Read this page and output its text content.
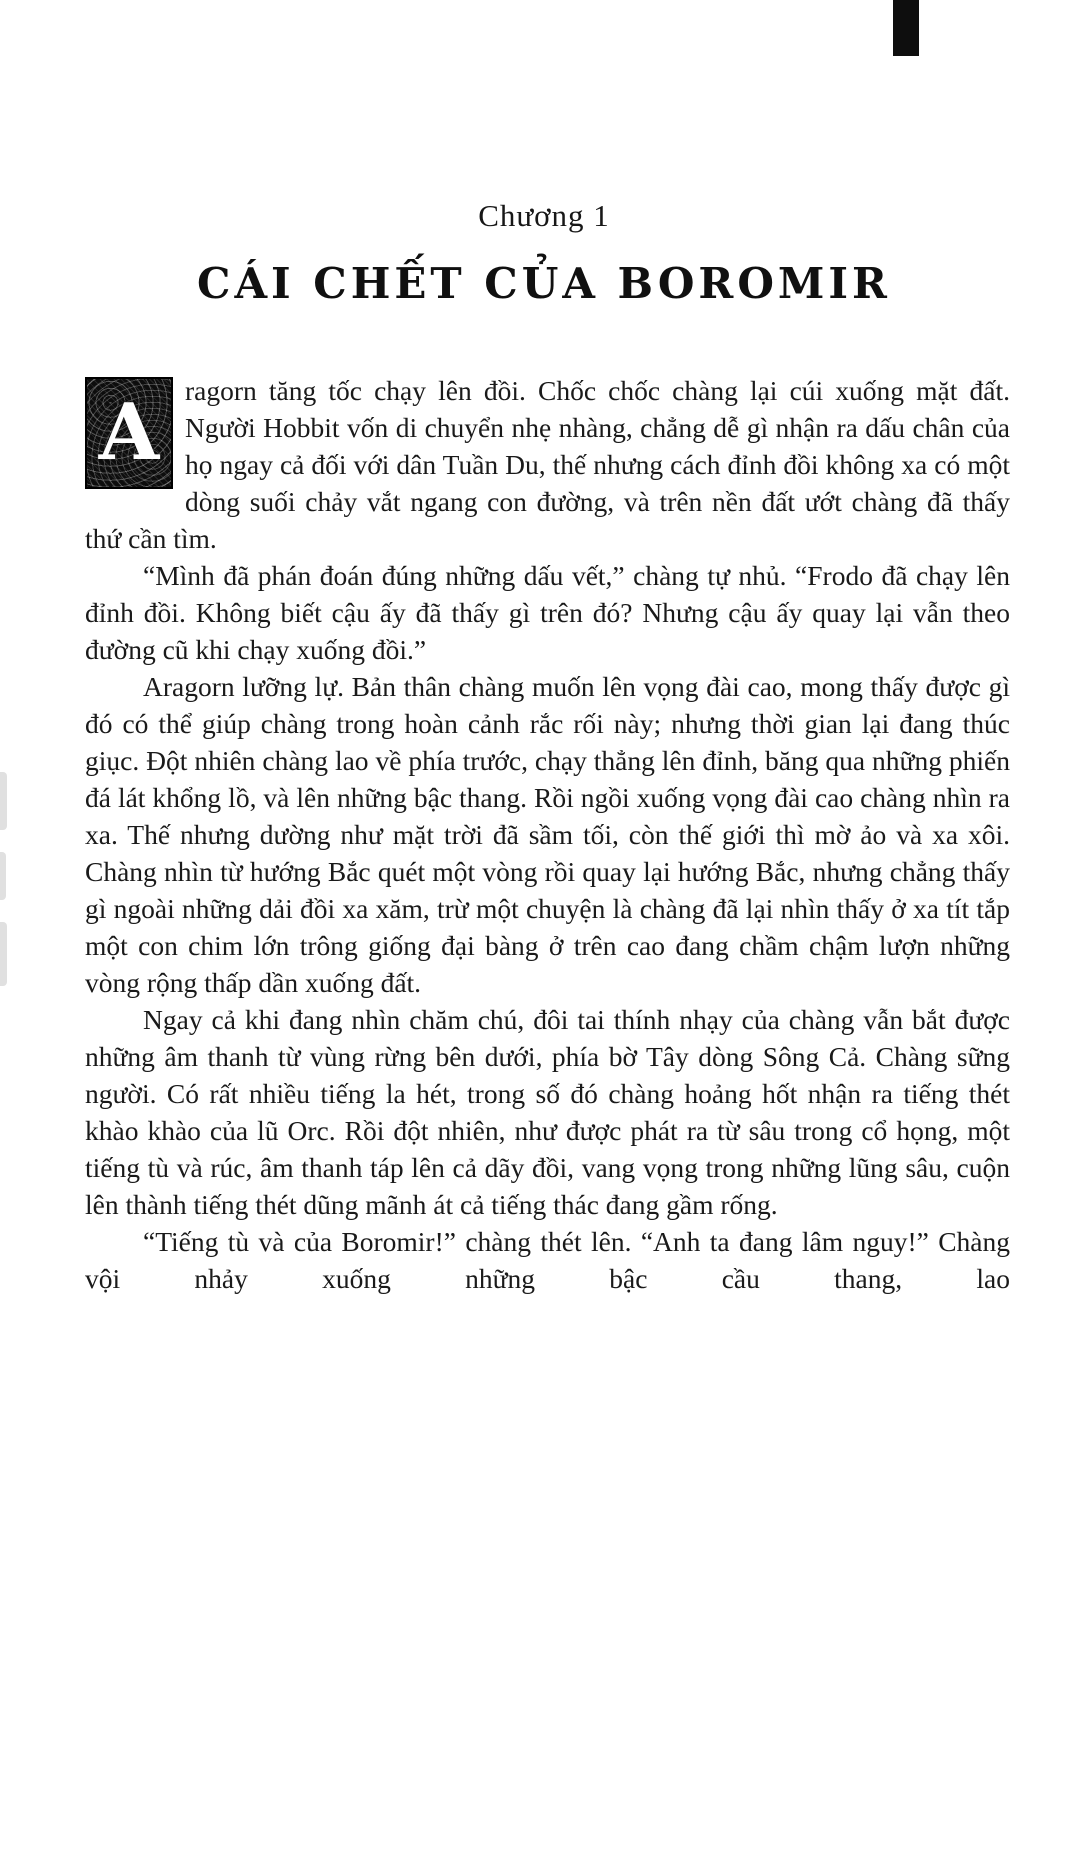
Chương 1
CÁI CHẾT CỦA BOROMIR

A ragorn tăng tốc chạy lên đồi. Chốc chốc chàng lại cúi xuống mặt đất. Người Hobbit vốn di chuyển nhẹ nhàng, chẳng dễ gì nhận ra dấu chân của họ ngay cả đối với dân Tuần Du, thế nhưng cách đỉnh đồi không xa có một dòng suối chảy vắt ngang con đường, và trên nền đất ướt chàng đã thấy thứ cần tìm.

“Mình đã phán đoán đúng những dấu vết,” chàng tự nhủ. “Frodo đã chạy lên đỉnh đồi. Không biết cậu ấy đã thấy gì trên đó? Nhưng cậu ấy quay lại vẫn theo đường cũ khi chạy xuống đồi.”

Aragorn lưỡng lự. Bản thân chàng muốn lên vọng đài cao, mong thấy được gì đó có thể giúp chàng trong hoàn cảnh rắc rối này; nhưng thời gian lại đang thúc giục. Đột nhiên chàng lao về phía trước, chạy thẳng lên đỉnh, băng qua những phiến đá lát khổng lồ, và lên những bậc thang. Rồi ngồi xuống vọng đài cao chàng nhìn ra xa. Thế nhưng dường như mặt trời đã sầm tối, còn thế giới thì mờ ảo và xa xôi. Chàng nhìn từ hướng Bắc quét một vòng rồi quay lại hướng Bắc, nhưng chẳng thấy gì ngoài những dải đồi xa xăm, trừ một chuyện là chàng đã lại nhìn thấy ở xa tít tắp một con chim lớn trông giống đại bàng ở trên cao đang chầm chậm lượn những vòng rộng thấp dần xuống đất.

Ngay cả khi đang nhìn chăm chú, đôi tai thính nhạy của chàng vẫn bắt được những âm thanh từ vùng rừng bên dưới, phía bờ Tây dòng Sông Cả. Chàng sững người. Có rất nhiều tiếng la hét, trong số đó chàng hoảng hốt nhận ra tiếng thét khào khào của lũ Orc. Rồi đột nhiên, như được phát ra từ sâu trong cổ họng, một tiếng tù và rúc, âm thanh táp lên cả dãy đồi, vang vọng trong những lũng sâu, cuộn lên thành tiếng thét dũng mãnh át cả tiếng thác đang gầm rống.

“Tiếng tù và của Boromir!” chàng thét lên. “Anh ta đang lâm nguy!” Chàng vội nhảy xuống những bậc cầu thang, lao
